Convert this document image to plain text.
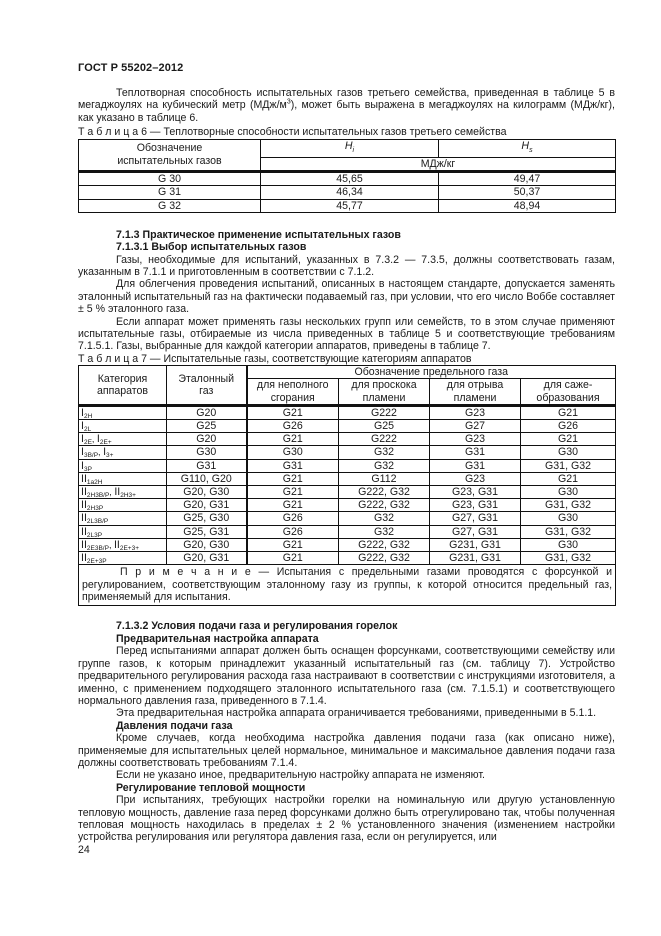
ГОСТ Р 55202–2012

Теплотворная способность испытательных газов третьего семейства, приведенная в таблице 5 в мегаджоулях на кубический метр $(МДж/м^3)$, может быть выражена в мегаджоулях на килограмм (МДж/кг), как указано в таблице 6.

Т а б л и ц а 6 — Теплотворные способности испытательных газов третьего семейства

Обозначение испытательных газов	$H_i$	$H_s$
	МДж/кг	
G 30	45,65	49,47
G 31	46,34	50,37
G 32	45,77	48,94

7.1.3 Практическое применение испытательных газов

7.1.3.1 Выбор испытательных газов

Газы, необходимые для испытаний, указанных в 7.3.2 — 7.3.5, должны соответствовать газам, указанным в 7.1.1 и приготовленным в соответствии с 7.1.2.

Для облегчения проведения испытаний, описанных в настоящем стандарте, допускается заменять эталонный испытательный газ на фактически подаваемый газ, при условии, что его число Воббе составляет ± 5 % эталонного газа.

Если аппарат может применять газы нескольких групп или семейств, то в этом случае применяют испытательные газы, отбираемые из числа приведенных в таблице 5 и соответствующие требованиям 7.1.5.1. Газы, выбранные для каждой категории аппаратов, приведены в таблице 7.

Т а б л и ц а 7 — Испытательные газы, соответствующие категориям аппаратов

Категория аппаратов	Эталонный газ	Обозначение предельного газа			
		для неполного сгорания	для проскока пламени	для отрыва пламени	для саже-образования
$I_{2H}$	G20	G21	G222	G23	G21
$I_{2L}$	G25	G26	G25	G27	G26
$I_{2E}$, $I_{2E+}$	G20	G21	G222	G23	G21
$I_{3B/P}$, $I_{3+}$	G30	G30	G32	G31	G30
$I_{3P}$	G31	G31	G32	G31	G31, G32
$II_{1a2H}$	G110, G20	G21	G112	G23	G21
$II_{2H3B/P}$, $II_{2H3+}$	G20, G30	G21	G222, G32	G23, G31	G30
$II_{2H3P}$	G20, G31	G21	G222, G32	G23, G31	G31, G32
$II_{2L3B/P}$	G25, G30	G26	G32	G27, G31	G30
$II_{2L3P}$	G25, G31	G26	G32	G27, G31	G31, G32
$II_{2E3B/P}$, $II_{2E+3+}$	G20, G30	G21	G222, G32	G231, G31	G30
$II_{2E+3P}$	G20, G31	G21	G222, G32	G231, G31	G31, G32
П р и м е ч а н и е — Испытания с предельными газами проводятся с форсункой и регулированием, соответствующим эталонному газу из группы, к которой относится предельный газ, применяемый для испытания.					

7.1.3.2 Условия подачи газа и регулирования горелок

Предварительная настройка аппарата

Перед испытаниями аппарат должен быть оснащен форсунками, соответствующими семейству или группе газов, к которым принадлежит указанный испытательный газ (см. таблицу 7). Устройство предварительного регулирования расхода газа настраивают в соответствии с инструкциями изготовителя, а именно, с применением подходящего эталонного испытательного газа (см. 7.1.5.1) и соответствующего нормального давления газа, приведенного в 7.1.4.

Эта предварительная настройка аппарата ограничивается требованиями, приведенными в 5.1.1.

Давления подачи газа

Кроме случаев, когда необходима настройка давления подачи газа (как описано ниже), применяемые для испытательных целей нормальное, минимальное и максимальное давления подачи газа должны соответствовать требованиям 7.1.4.

Если не указано иное, предварительную настройку аппарата не изменяют.

Регулирование тепловой мощности

При испытаниях, требующих настройки горелки на номинальную или другую установленную тепловую мощность, давление газа перед форсунками должно быть отрегулировано так, чтобы полученная тепловая мощность находилась в пределах ± 2 % установленного значения (изменением настройки устройства регулирования или регулятора давления газа, если он регулируется, или

24
